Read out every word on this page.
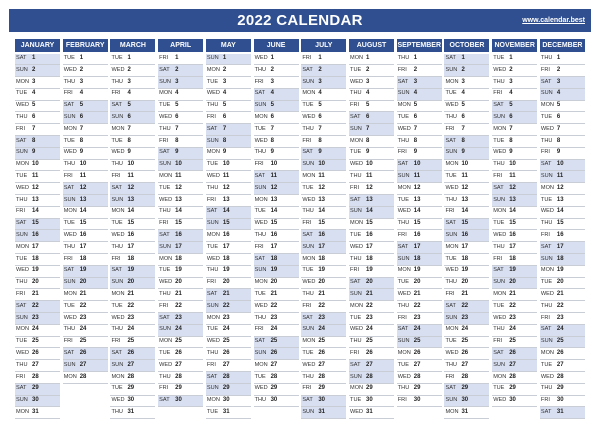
2022 CALENDAR	www.calendar.best
JANUARY
SAT 1
SUN 2
MON 3
TUE 4
WED 5
THU 6
FRI	7
SAT 8
SUN 9
MON 10
TUE 11
WED 12
THU 13
FRI	14
SAT 15
SUN 16
MON 17
TUE 18
WED 19
THU 20
FRI	21
SAT 22
SUN 23
MON 24
TUE 25
WED 26
THU 27
FRI	28
SAT 29
SUN 30
MON 31
FEBRUARY
TUE 1
WED 2
THU 3
FRI	4
SAT 5
SUN 6
MON 7
TUE 8
WED 9
THU 10
FRI	11
SAT 12
SUN 13
MON 14
TUE 15
WED 16
THU 17
FRI	18
SAT 19
SUN 20
MON 21
TUE 22
WED 23
THU 24
FRI	25
SAT 26
SUN 27
MON 28
MARCH
TUE 1
WED 2
THU 3
FRI	4
SAT 5
SUN 6
MON 7
TUE 8
WED 9
THU 10
FRI	11
SAT 12
SUN 13
MON 14
TUE 15
WED 16
THU 17
FRI	18
SAT 19
SUN 20
MON 21
TUE 22
WED 23
THU 24
FRI	25
SAT 26
SUN 27
MON 28
TUE 29
WED 30
THU 31
APRIL
FRI	1
SAT 2
SUN 3
MON 4
TUE 5
WED 6
THU 7
FRI	8
SAT 9
SUN 10
MON 11
TUE 12
WED 13
THU 14
FRI	15
SAT 16
SUN 17
MON 18
TUE 19
WED 20
THU 21
FRI	22
SAT 23
SUN 24
MON 25
TUE 26
WED 27
THU 28
FRI	29
SAT 30
MAY
SUN 1
MON 2
TUE 3
WED 4
THU 5
FRI	6
SAT 7
SUN 8
MON 9
TUE 10
WED 11
THU 12
FRI	13
SAT 14
SUN 15
MON 16
TUE 17
WED 18
THU 19
FRI	20
SAT 21
SUN 22
MON 23
TUE 24
WED 25
THU 26
FRI	27
SAT 28
SUN 29
MON 30
TUE 31
JUNE
WED 1
THU 2
FRI	3
SAT 4
SUN 5
MON 6
TUE 7
WED 8
THU 9
FRI	10
SAT 11
SUN 12
MON 13
TUE 14
WED 15
THU 16
FRI	17
SAT 18
SUN 19
MON 20
TUE 21
WED 22
THU 23
FRI	24
SAT 25
SUN 26
MON 27
TUE 28
WED 29
THU 30
JULY
FRI	1
SAT 2
SUN 3
MON 4
TUE 5
WED 6
THU 7
FRI	8
SAT 9
SUN 10
MON 11
TUE 12
WED 13
THU 14
FRI	15
SAT 16
SUN 17
MON 18
TUE 19
WED 20
THU 21
FRI	22
SAT 23
SUN 24
MON 25
TUE 26
WED 27
THU 28
FRI	29
SAT 30
SUN 31
AUGUST
MON 1
TUE 2
WED 3
THU 4
FRI	5
SAT 6
SUN 7
MON 8
TUE 9
WED 10
THU 11
FRI	12
SAT 13
SUN 14
MON 15
TUE 16
WED 17
THU 18
FRI	19
SAT 20
SUN 21
MON 22
TUE 23
WED 24
THU 25
FRI	26
SAT 27
SUN 28
MON 29
TUE 30
WED 31
SEPTEMBER
THU 1
FRI	2
SAT 3
SUN 4
MON 5
TUE 6
WED 7
THU 8
FRI	9
SAT 10
SUN 11
MON 12
TUE 13
WED 14
THU 15
FRI	16
SAT 17
SUN 18
MON 19
TUE 20
WED 21
THU 22
FRI	23
SAT 24
SUN 25
MON 26
TUE 27
WED 28
THU 29
FRI	30
OCTOBER
SAT 1
SUN 2
MON 3
TUE 4
WED 5
THU 6
FRI	7
SAT 8
SUN 9
MON 10
TUE 11
WED 12
THU 13
FRI	14
SAT 15
SUN 16
MON 17
TUE 18
WED 19
THU 20
FRI	21
SAT 22
SUN 23
MON 24
TUE 25
WED 26
THU 27
FRI	28
SAT 29
SUN 30
MON 31
NOVEMBER
TUE 1
WED 2
THU 3
FRI	4
SAT 5
SUN 6
MON 7
TUE 8
WED 9
THU 10
FRI	11
SAT 12
SUN 13
MON 14
TUE 15
WED 16
THU 17
FRI	18
SAT 19
SUN 20
MON 21
TUE 22
WED 23
THU 24
FRI	25
SAT 26
SUN 27
MON 28
TUE 29
WED 30
DECEMBER
THU 1
FRI	2
SAT 3
SUN 4
MON 5
TUE 6
WED 7
THU 8
FRI	9
SAT 10
SUN 11
MON 12
TUE 13
WED 14
THU 15
FRI	16
SAT 17
SUN 18
MON 19
TUE 20
WED 21
THU 22
FRI	23
SAT 24
SUN 25
MON 26
TUE 27
WED 28
THU 29
FRI	30
SAT 31
